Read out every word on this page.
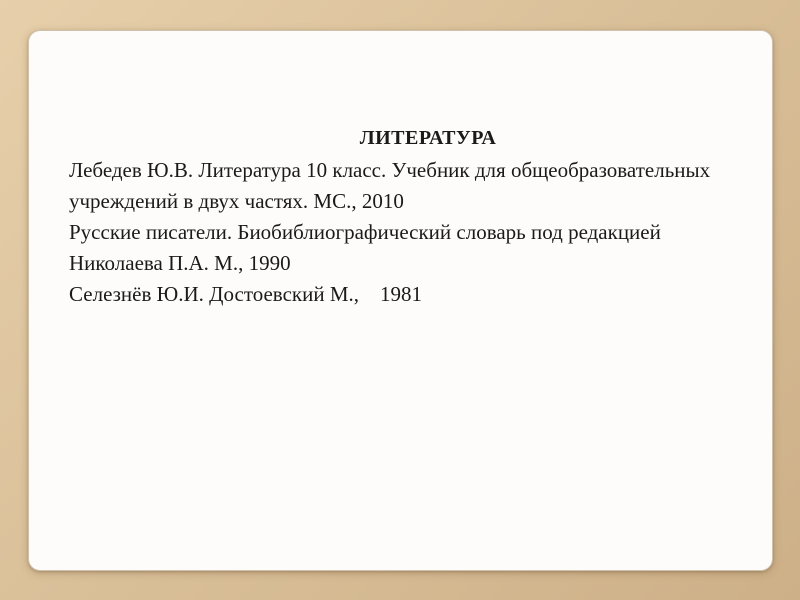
ЛИТЕРАТУРА

Лебедев Ю.В. Литература 10 класс. Учебник для общеобразовательных учреждений в двух частях. МС., 2010

Русские писатели. Биобиблиографический словарь под редакцией Николаева П.А. М., 1990

Селезнёв Ю.И. Достоевский М.,    1981
